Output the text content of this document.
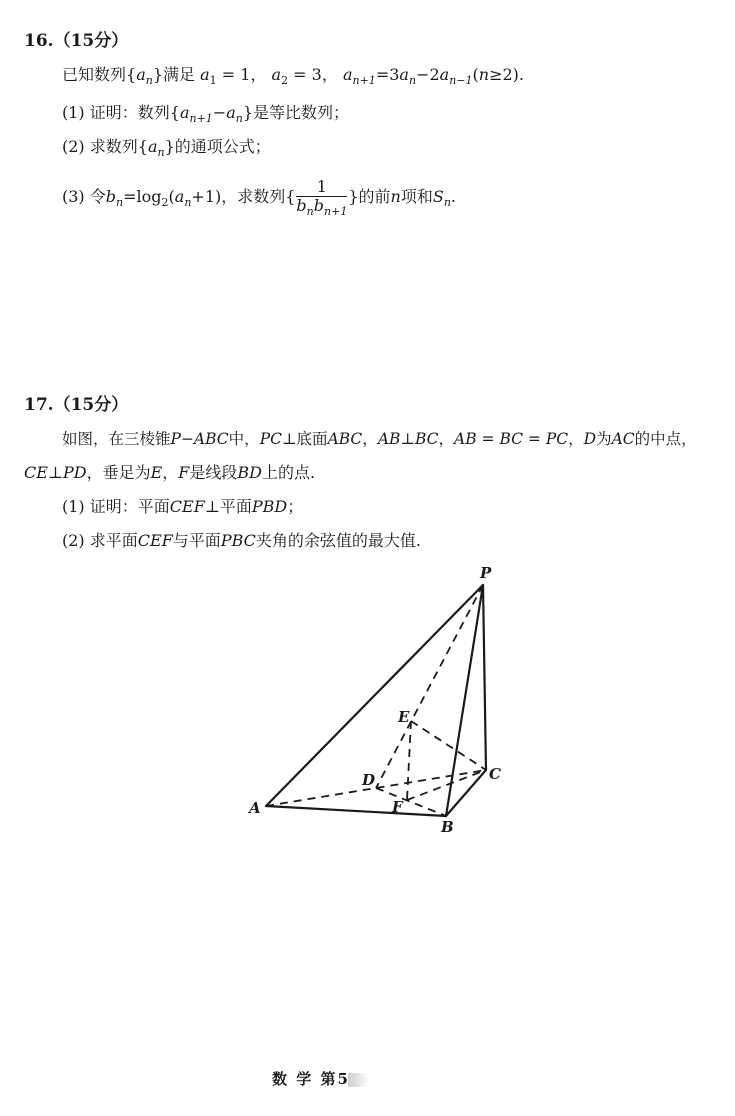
16.（15分）
已知数列$\{a_n\}$满足 $a_1 = 1$， $a_2 = 3$， $a_{n+1}=3a_n-2a_{n-1}(n\ge 2)$.
(1) 证明：数列$\{a_{n+1}-a_n\}$是等比数列；
(2) 求数列$\{a_n\}$的通项公式；
(3) 令$b_n=\log_2(a_n+1)$，求数列{ $\frac{1}{b_nb_{n+1}}$ }的前n项和$S_n$.
17.（15分）
如图，在三棱锥P−ABC中，PC⊥底面ABC，AB⊥BC，AB = BC = PC，D为AC的中点，
CE⊥PD，垂足为E，F是线段BD上的点.
(1) 证明：平面CEF⊥平面PBD；
(2) 求平面CEF与平面PBC夹角的余弦值的最大值.
P
A
B
C
D
E
F
数 学 第5
